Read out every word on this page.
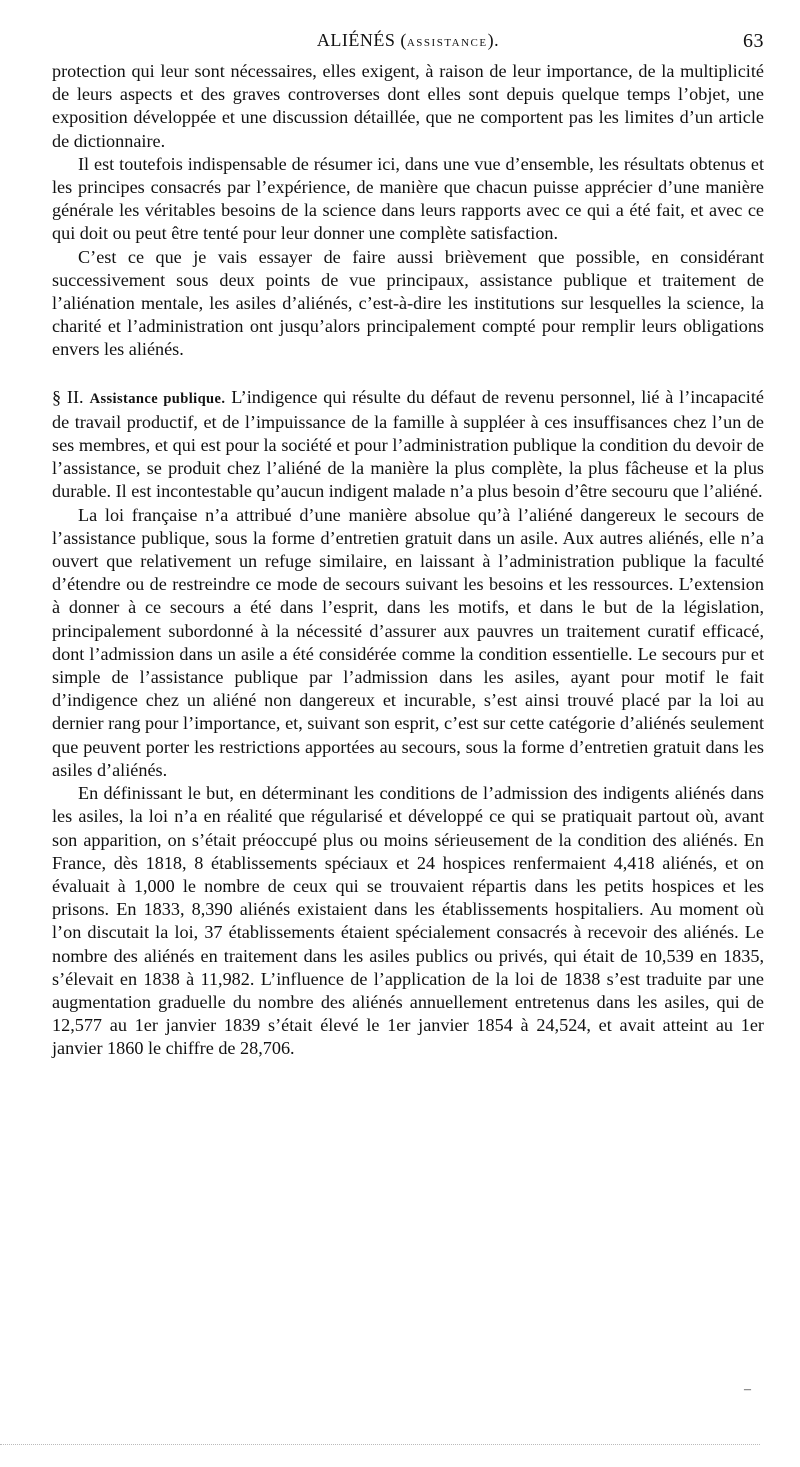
ALIÉNÉS (assistance).	63

protection qui leur sont nécessaires, elles exigent, à raison de leur importance, de la multiplicité de leurs aspects et des graves controverses dont elles sont depuis quelque temps l’objet, une exposition développée et une discussion détaillée, que ne comportent pas les limites d’un article de dictionnaire.

Il est toutefois indispensable de résumer ici, dans une vue d’ensemble, les résultats obtenus et les principes consacrés par l’expérience, de manière que chacun puisse apprécier d’une manière générale les véritables besoins de la science dans leurs rapports avec ce qui a été fait, et avec ce qui doit ou peut être tenté pour leur donner une complète satisfaction.

C’est ce que je vais essayer de faire aussi brièvement que possible, en considérant successivement sous deux points de vue principaux, assistance publique et traitement de l’aliénation mentale, les asiles d’aliénés, c’est-à-dire les institutions sur lesquelles la science, la charité et l’administration ont jusqu’alors principalement compté pour remplir leurs obligations envers les aliénés.

§ II. Assistance publique. L’indigence qui résulte du défaut de revenu personnel, lié à l’incapacité de travail productif, et de l’impuissance de la famille à suppléer à ces insuffisances chez l’un de ses membres, et qui est pour la société et pour l’administration publique la condition du devoir de l’assistance, se produit chez l’aliéné de la manière la plus complète, la plus fâcheuse et la plus durable. Il est incontestable qu’aucun indigent malade n’a plus besoin d’être secouru que l’aliéné.

La loi française n’a attribué d’une manière absolue qu’à l’aliéné dangereux le secours de l’assistance publique, sous la forme d’entretien gratuit dans un asile. Aux autres aliénés, elle n’a ouvert que relativement un refuge similaire, en laissant à l’administration publique la faculté d’étendre ou de restreindre ce mode de secours suivant les besoins et les ressources. L’extension à donner à ce secours a été dans l’esprit, dans les motifs, et dans le but de la législation, principalement subordonné à la nécessité d’assurer aux pauvres un traitement curatif efficacé, dont l’admission dans un asile a été considérée comme la condition essentielle. Le secours pur et simple de l’assistance publique par l’admission dans les asiles, ayant pour motif le fait d’indigence chez un aliéné non dangereux et incurable, s’est ainsi trouvé placé par la loi au dernier rang pour l’importance, et, suivant son esprit, c’est sur cette catégorie d’aliénés seulement que peuvent porter les restrictions apportées au secours, sous la forme d’entretien gratuit dans les asiles d’aliénés.

En définissant le but, en déterminant les conditions de l’admission des indigents aliénés dans les asiles, la loi n’a en réalité que régularisé et développé ce qui se pratiquait partout où, avant son apparition, on s’était préoccupé plus ou moins sérieusement de la condition des aliénés. En France, dès 1818, 8 établissements spéciaux et 24 hospices renfermaient 4,418 aliénés, et on évaluait à 1,000 le nombre de ceux qui se trouvaient répartis dans les petits hospices et les prisons. En 1833, 8,390 aliénés existaient dans les établissements hospitaliers. Au moment où l’on discutait la loi, 37 établissements étaient spécialement consacrés à recevoir des aliénés. Le nombre des aliénés en traitement dans les asiles publics ou privés, qui était de 10,539 en 1835, s’élevait en 1838 à 11,982. L’influence de l’application de la loi de 1838 s’est traduite par une augmentation graduelle du nombre des aliénés annuellement entretenus dans les asiles, qui de 12,577 au 1er janvier 1839 s’était élevé le 1er janvier 1854 à 24,524, et avait atteint au 1er janvier 1860 le chiffre de 28,706.

–
